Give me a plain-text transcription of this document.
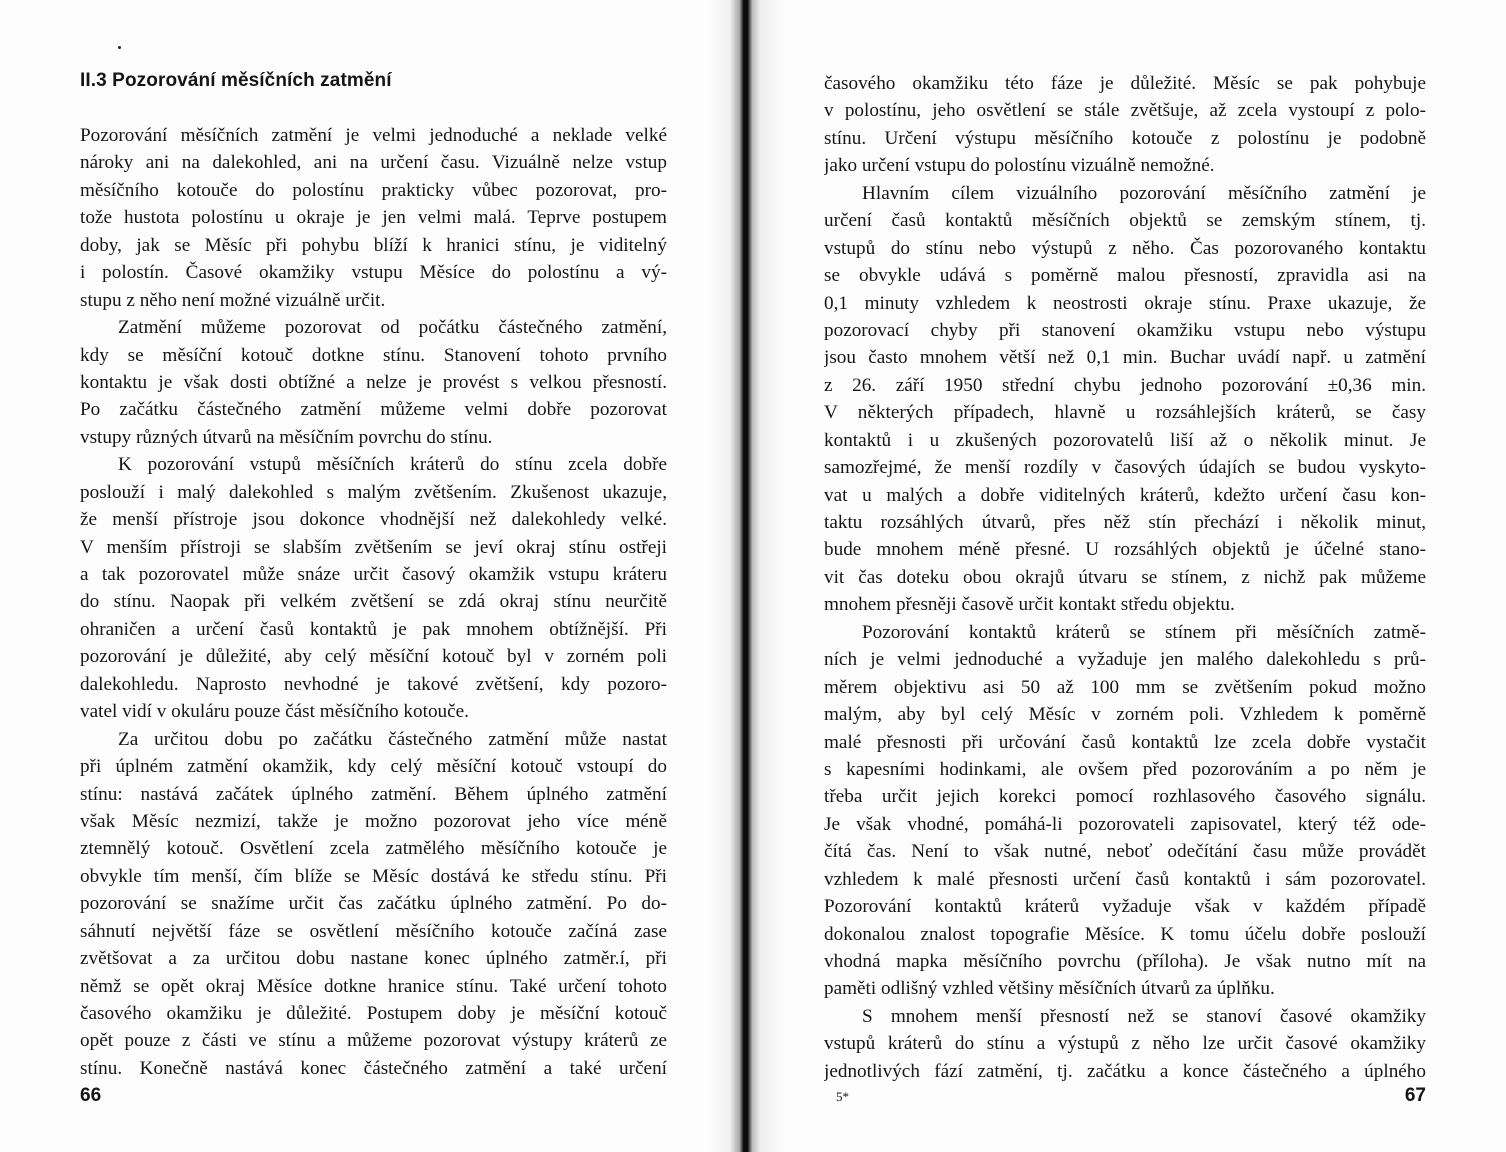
II.3 Pozorování měsíčních zatmění
Pozorování měsíčních zatmění je velmi jednoduché a neklade velké
nároky ani na dalekohled, ani na určení času. Vizuálně nelze vstup
měsíčního kotouče do polostínu prakticky vůbec pozorovat, pro-
tože hustota polostínu u okraje je jen velmi malá. Teprve postupem
doby, jak se Měsíc při pohybu blíží k hranici stínu, je viditelný
i polostín. Časové okamžiky vstupu Měsíce do polostínu a vý-
stupu z něho není možné vizuálně určit.
Zatmění můžeme pozorovat od počátku částečného zatmění,
kdy se měsíční kotouč dotkne stínu. Stanovení tohoto prvního
kontaktu je však dosti obtížné a nelze je provést s velkou přesností.
Po začátku částečného zatmění můžeme velmi dobře pozorovat
vstupy různých útvarů na měsíčním povrchu do stínu.
K pozorování vstupů měsíčních kráterů do stínu zcela dobře
poslouží i malý dalekohled s malým zvětšením. Zkušenost ukazuje,
že menší přístroje jsou dokonce vhodnější než dalekohledy velké.
V menším přístroji se slabším zvětšením se jeví okraj stínu ostřeji
a tak pozorovatel může snáze určit časový okamžik vstupu kráteru
do stínu. Naopak při velkém zvětšení se zdá okraj stínu neurčitě
ohraničen a určení časů kontaktů je pak mnohem obtížnější. Při
pozorování je důležité, aby celý měsíční kotouč byl v zorném poli
dalekohledu. Naprosto nevhodné je takové zvětšení, kdy pozoro-
vatel vidí v okuláru pouze část měsíčního kotouče.
Za určitou dobu po začátku částečného zatmění může nastat
při úplném zatmění okamžik, kdy celý měsíční kotouč vstoupí do
stínu: nastává začátek úplného zatmění. Během úplného zatmění
však Měsíc nezmizí, takže je možno pozorovat jeho více méně
ztemnělý kotouč. Osvětlení zcela zatmělého měsíčního kotouče je
obvykle tím menší, čím blíže se Měsíc dostává ke středu stínu. Při
pozorování se snažíme určit čas začátku úplného zatmění. Po do-
sáhnutí největší fáze se osvětlení měsíčního kotouče začíná zase
zvětšovat a za určitou dobu nastane konec úplného zatměr.í, při
němž se opět okraj Měsíce dotkne hranice stínu. Také určení tohoto
časového okamžiku je důležité. Postupem doby je měsíční kotouč
opět pouze z části ve stínu a můžeme pozorovat výstupy kráterů ze
stínu. Konečně nastává konec částečného zatmění a také určení

66

časového okamžiku této fáze je důležité. Měsíc se pak pohybuje
v polostínu, jeho osvětlení se stále zvětšuje, až zcela vystoupí z polo-
stínu. Určení výstupu měsíčního kotouče z polostínu je podobně
jako určení vstupu do polostínu vizuálně nemožné.
Hlavním cílem vizuálního pozorování měsíčního zatmění je
určení časů kontaktů měsíčních objektů se zemským stínem, tj.
vstupů do stínu nebo výstupů z něho. Čas pozorovaného kontaktu
se obvykle udává s poměrně malou přesností, zpravidla asi na
0,1 minuty vzhledem k neostrosti okraje stínu. Praxe ukazuje, že
pozorovací chyby při stanovení okamžiku vstupu nebo výstupu
jsou často mnohem větší než 0,1 min. Buchar uvádí např. u zatmění
z 26. září 1950 střední chybu jednoho pozorování ±0,36 min.
V některých případech, hlavně u rozsáhlejších kráterů, se časy
kontaktů i u zkušených pozorovatelů liší až o několik minut. Je
samozřejmé, že menší rozdíly v časových údajích se budou vyskyto-
vat u malých a dobře viditelných kráterů, kdežto určení času kon-
taktu rozsáhlých útvarů, přes něž stín přechází i několik minut,
bude mnohem méně přesné. U rozsáhlých objektů je účelné stano-
vit čas doteku obou okrajů útvaru se stínem, z nichž pak můžeme
mnohem přesněji časově určit kontakt středu objektu.
Pozorování kontaktů kráterů se stínem při měsíčních zatmě-
ních je velmi jednoduché a vyžaduje jen malého dalekohledu s prů-
měrem objektivu asi 50 až 100 mm se zvětšením pokud možno
malým, aby byl celý Měsíc v zorném poli. Vzhledem k poměrně
malé přesnosti při určování časů kontaktů lze zcela dobře vystačit
s kapesními hodinkami, ale ovšem před pozorováním a po něm je
třeba určit jejich korekci pomocí rozhlasového časového signálu.
Je však vhodné, pomáhá-li pozorovateli zapisovatel, který též ode-
čítá čas. Není to však nutné, neboť odečítání času může provádět
vzhledem k malé přesnosti určení časů kontaktů i sám pozorovatel.
Pozorování kontaktů kráterů vyžaduje však v každém případě
dokonalou znalost topografie Měsíce. K tomu účelu dobře poslouží
vhodná mapka měsíčního povrchu (příloha). Je však nutno mít na
paměti odlišný vzhled většiny měsíčních útvarů za úplňku.
S mnohem menší přesností než se stanoví časové okamžiky
vstupů kráterů do stínu a výstupů z něho lze určit časové okamžiky
jednotlivých fází zatmění, tj. začátku a konce částečného a úplného

5*	67
